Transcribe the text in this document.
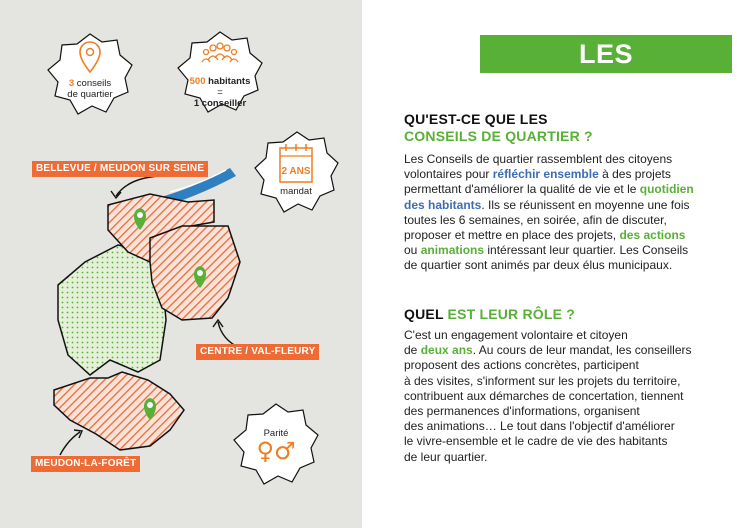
3 conseils
de quartier
500 habitants
=
1 conseiller
2 ANS
mandat
Parité
♀♂
BELLEVUE / MEUDON SUR SEINE
CENTRE / VAL-FLEURY
MEUDON-LA-FORÊT
LES CONSEILLERS
QU'EST-CE QUE LES
CONSEILS DE QUARTIER ?
Les Conseils de quartier rassemblent des citoyens
volontaires pour réfléchir ensemble à des projets
permettant d'améliorer la qualité de vie et le quotidien
des habitants. Ils se réunissent en moyenne une fois
toutes les 6 semaines, en soirée, afin de discuter,
proposer et mettre en place des projets, des actions
ou animations intéressant leur quartier. Les Conseils
de quartier sont animés par deux élus municipaux.
QUEL EST LEUR RÔLE ?
C'est un engagement volontaire et citoyen
de deux ans. Au cours de leur mandat, les conseillers
proposent des actions concrètes, participent
à des visites, s'informent sur les projets du territoire,
contribuent aux démarches de concertation, tiennent
des permanences d'informations, organisent
des animations… Le tout dans l'objectif d'améliorer
le vivre-ensemble et le cadre de vie des habitants
de leur quartier.
